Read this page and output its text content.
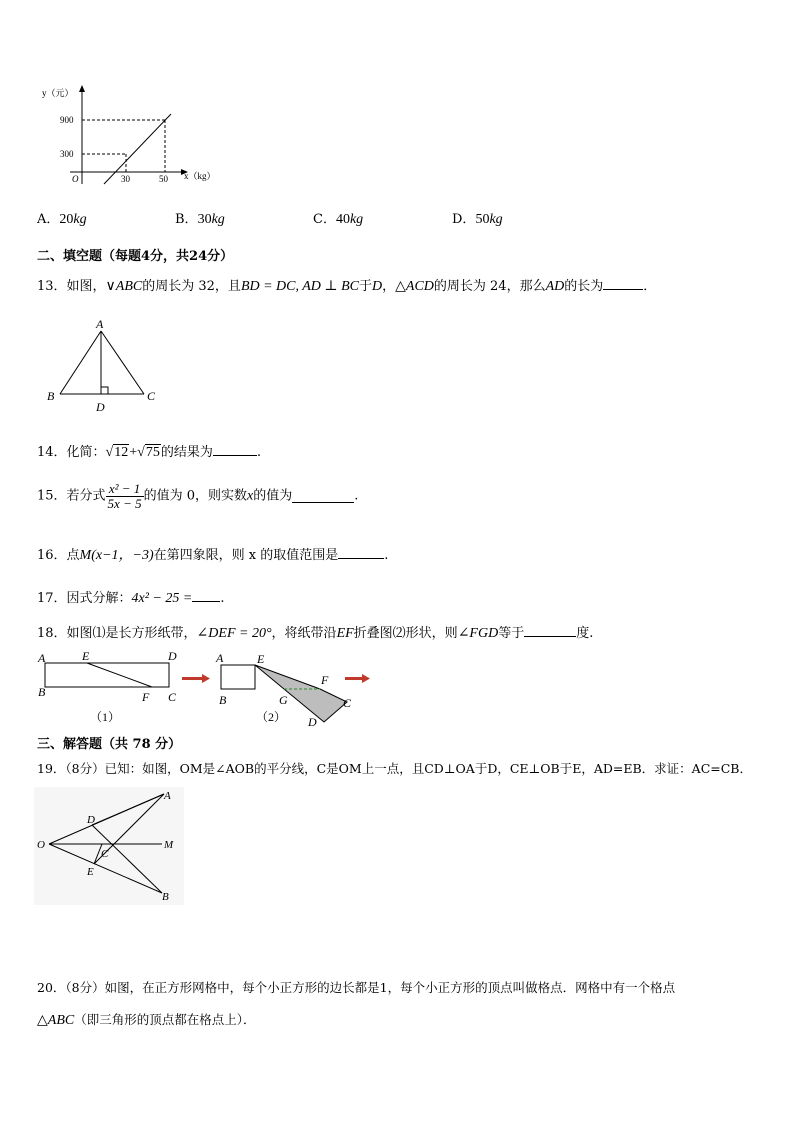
y（元）
900
300
O	30	50 x（kg）
A．20kg	B．30kg	C．40kg	D．50kg
二、填空题（每题4分，共24分）
13．如图，∨ABC的周长为 32，且BD = DC, AD ⊥ BC于D，△ACD的周长为 24，那么AD的长为	．
A
B	C
D
14．化简：√12+√75的结果为	.
15．若分式 $\frac{\text{x² − 1}}{5x - 5}$ 的值为 0，则实数x的值为	.
16．点M(x−1，−3)在第四象限，则 x 的取值范围是	.
17．因式分解：4x² − 25 = .
18．如图⑴是长方形纸带，∠DEF = 20°，将纸带沿EF折叠图⑵形状，则∠FGD等于	度.
A	E	D
B	F C
（1）
A	E
F
B	G	C
D
（2）
三、解答题（共 78 分）
19．（8分）已知：如图，OM是∠AOB的平分线，C是OM上一点，且CD⊥OA于D，CE⊥OB于E，AD=EB．求证：AC=CB．
O
A
D
C
M
E
B
20．（8分）如图，在正方形网格中，每个小正方形的边长都是1，每个小正方形的顶点叫做格点．网格中有一个格点
△ABC（即三角形的顶点都在格点上）．
